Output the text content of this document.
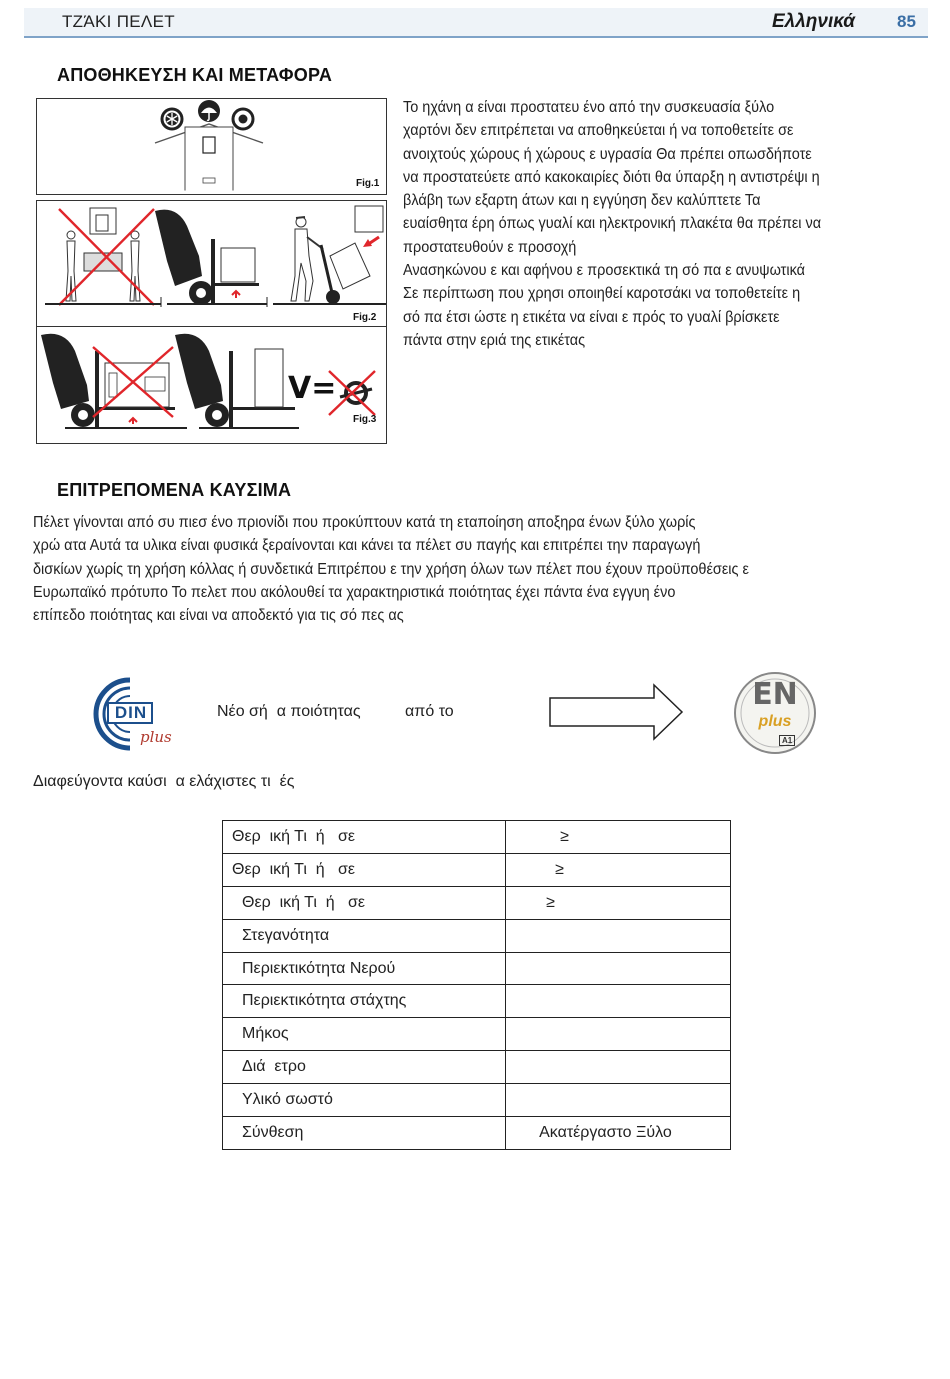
ΤΖΆΚΙ ΠΕΛΕΤ	Ελληνικά 85
ΑΠΟΘΗΚΕΥΣΗ ΚΑΙ ΜΕΤΑΦΟΡΑ
Fig.1
Fig.2
V=
Fig.3
Το ηχάνη α είναι προστατευ ένο από την συσκευασία ξύλο
χαρτόνι δεν επιτρέπεται να αποθηκεύεται ή να τοποθετείτε σε
ανοιχτούς χώρους ή χώρους ε υγρασία Θα πρέπει οπωσδήποτε
να προστατεύετε από κακοκαιρίες διότι θα ύπαρξη η αντιστρέψι η
βλάβη των εξαρτη άτων και η εγγύηση δεν καλύπτετε Τα
ευαίσθητα έρη όπως γυαλί και ηλεκτρονική πλακέτα θα πρέπει να
προστατευθούν ε προσοχή
Ανασηκώνου ε και αφήνου ε προσεκτικά τη σό πα ε ανυψωτικά
Σε περίπτωση που χρησι οποιηθεί καροτσάκι να τοποθετείτε η
σό πα έτσι ώστε η ετικέτα να είναι ε πρός το γυαλί βρίσκετε
πάντα στην εριά της ετικέτας
ΕΠΙΤΡΕΠΟΜΕΝΑ ΚΑΥΣΙΜΑ
Πέλετ γίνονται από συ πιεσ ένο πριονίδι που προκύπτουν κατά τη εταποίηση αποξηρα ένων ξύλο χωρίς
χρώ ατα Αυτά τα υλικα είναι φυσικά ξεραίνονται και κάνει τα πέλετ συ παγής και επιτρέπει την παραγωγή
δισκίων χωρίς τη χρήση κόλλας ή συνδετικά Επιτρέπου ε την χρήση όλων των πέλετ που έχουν προϋποθέσεις ε
Ευρωπαϊκό πρότυπο Το πελετ που ακόλουθεί τα χαρακτηριστικά ποιότητας έχει πάντα ένα εγγυη ένο
επίπεδο ποιότητας και είναι να αποδεκτό για τις σό πες ας
DIN
plus
Νέο σή  α ποιότητας          από το	EN
plus
A1
Διαφεύγοντα καύσι  α ελάχιστες τι  ές
Θερ  ική Τι  ή   σε	≥
Θερ  ική Τι  ή   σε	≥
Θερ  ική Τι  ή   σε	≥
Στεγανότητα	
Περιεκτικότητα Νερού	
Περιεκτικότητα στάχτης	
Μήκος	
Διά  ετρο	
Υλικό σωστό	
Σύνθεση	Ακατέργαστο Ξύλο
